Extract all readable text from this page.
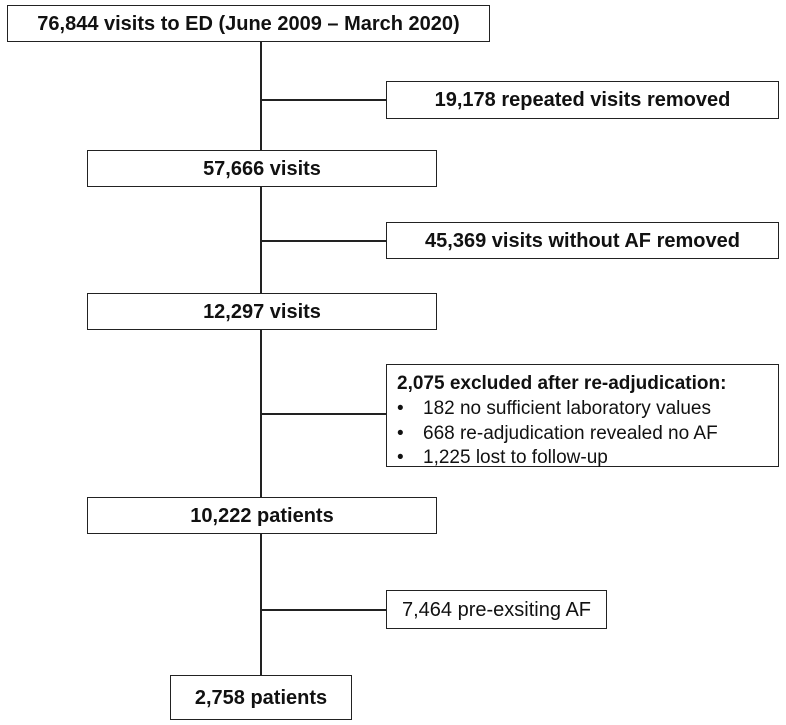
76,844 visits to ED (June 2009 – March 2020)
19,178 repeated visits removed
57,666 visits
45,369 visits without AF removed
12,297 visits
2,075 excluded after re-adjudication:
•	182 no sufficient laboratory values
•	668 re-adjudication revealed no AF
•	1,225 lost to follow-up
10,222 patients
7,464 pre-exsiting AF
2,758 patients
